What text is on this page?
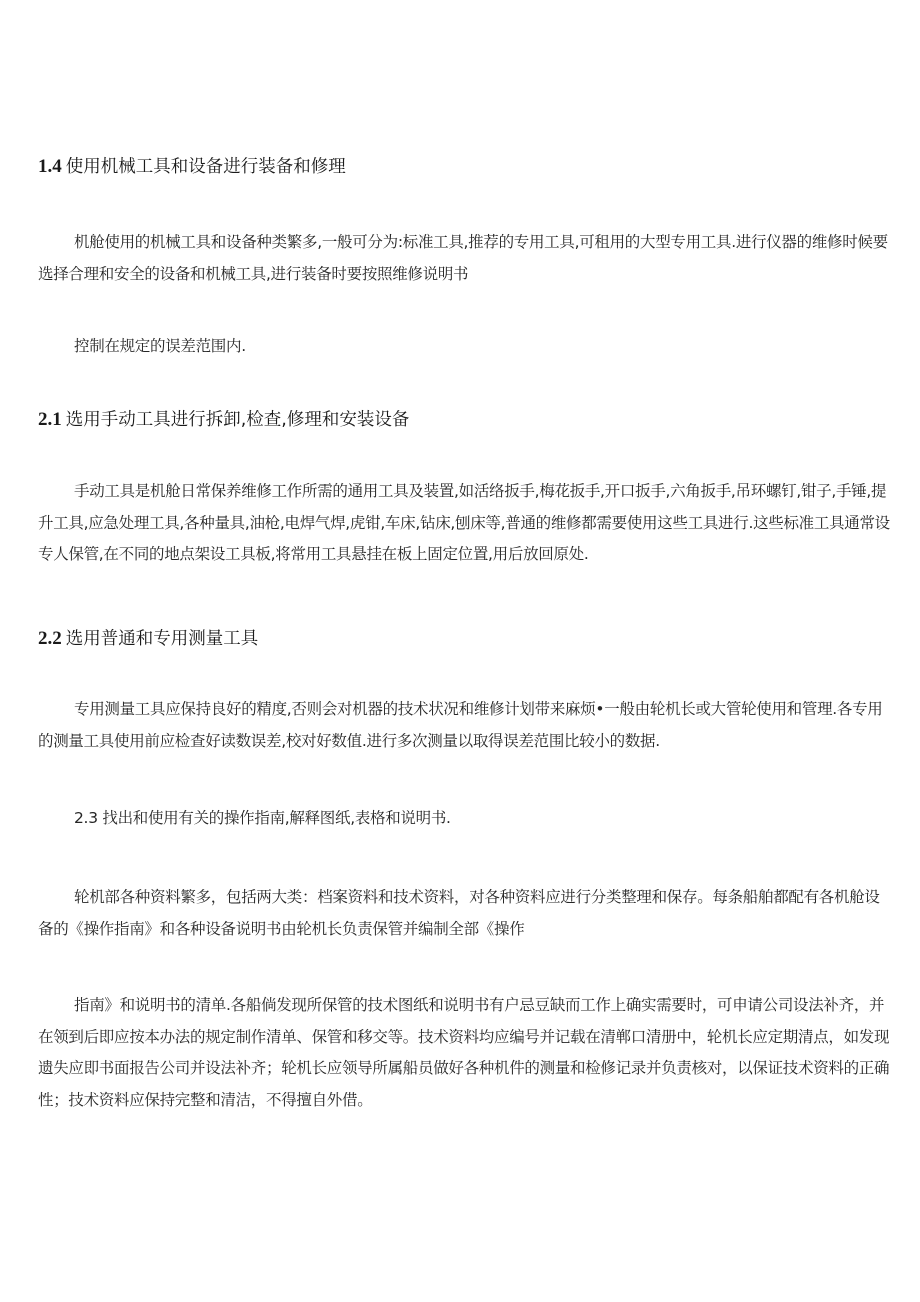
1.4 使用机械工具和设备进行装备和修理

机舱使用的机械工具和设备种类繁多,一般可分为:标准工具,推荐的专用工具,可租用的大型专用工具.进行仪器的维修时候要选择合理和安全的设备和机械工具,进行装备时要按照维修说明书

控制在规定的误差范围内.

2.1 选用手动工具进行拆卸,检查,修理和安装设备

手动工具是机舱日常保养维修工作所需的通用工具及装置,如活络扳手,梅花扳手,开口扳手,六角扳手,吊环螺钉,钳子,手锤,提升工具,应急处理工具,各种量具,油枪,电焊气焊,虎钳,车床,钻床,刨床等,普通的维修都需要使用这些工具进行.这些标准工具通常设专人保管,在不同的地点架设工具板,将常用工具悬挂在板上固定位置,用后放回原处.

2.2 选用普通和专用测量工具

专用测量工具应保持良好的精度,否则会对机器的技术状况和维修计划带来麻烦•一般由轮机长或大管轮使用和管理.各专用的测量工具使用前应检查好读数误差,校对好数值.进行多次测量以取得误差范围比较小的数据.

2.3 找出和使用有关的操作指南,解释图纸,表格和说明书.

轮机部各种资料繁多，包括两大类：档案资料和技术资料，对各种资料应进行分类整理和保存。每条船舶都配有各机舱设备的《操作指南》和各种设备说明书由轮机长负责保管并编制全部《操作

指南》和说明书的清单.各船倘发现所保管的技术图纸和说明书有户忌豆缺而工作上确实需要时，可申请公司设法补齐，并在领到后即应按本办法的规定制作清单、保管和移交等。技术资料均应编号并记载在清郸口清册中，轮机长应定期清点，如发现遗失应即书面报告公司并设法补齐；轮机长应领导所属船员做好各种机件的测量和检修记录并负责核对，以保证技术资料的正确性；技术资料应保持完整和清洁，不得擅自外借。
